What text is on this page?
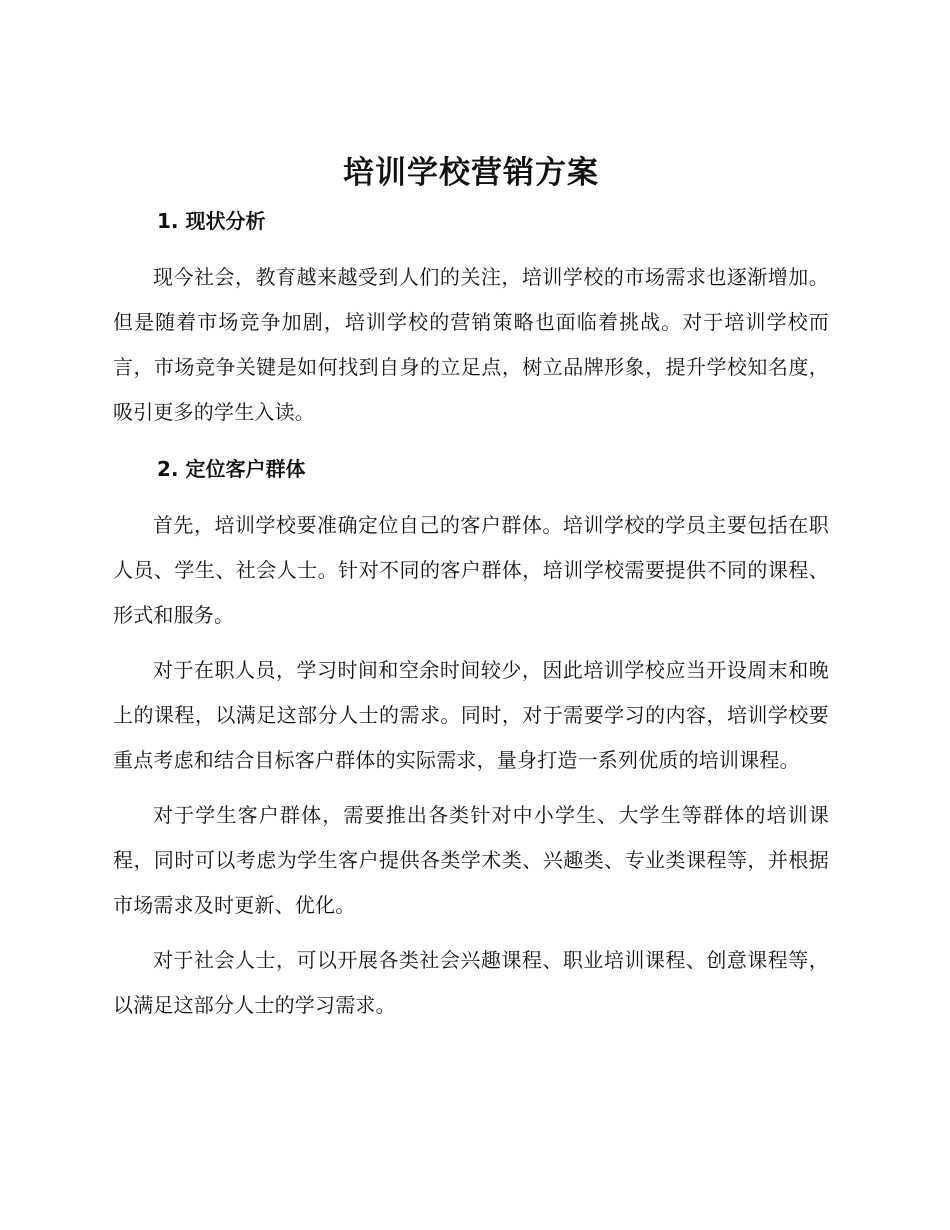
培训学校营销方案
1. 现状分析

现今社会，教育越来越受到人们的关注，培训学校的市场需求也逐渐增加。但是随着市场竞争加剧，培训学校的营销策略也面临着挑战。对于培训学校而言，市场竞争关键是如何找到自身的立足点，树立品牌形象，提升学校知名度，吸引更多的学生入读。

2. 定位客户群体

首先，培训学校要准确定位自己的客户群体。培训学校的学员主要包括在职人员、学生、社会人士。针对不同的客户群体，培训学校需要提供不同的课程、形式和服务。

对于在职人员，学习时间和空余时间较少，因此培训学校应当开设周末和晚上的课程，以满足这部分人士的需求。同时，对于需要学习的内容，培训学校要重点考虑和结合目标客户群体的实际需求，量身打造一系列优质的培训课程。

对于学生客户群体，需要推出各类针对中小学生、大学生等群体的培训课程，同时可以考虑为学生客户提供各类学术类、兴趣类、专业类课程等，并根据市场需求及时更新、优化。

对于社会人士，可以开展各类社会兴趣课程、职业培训课程、创意课程等，以满足这部分人士的学习需求。
